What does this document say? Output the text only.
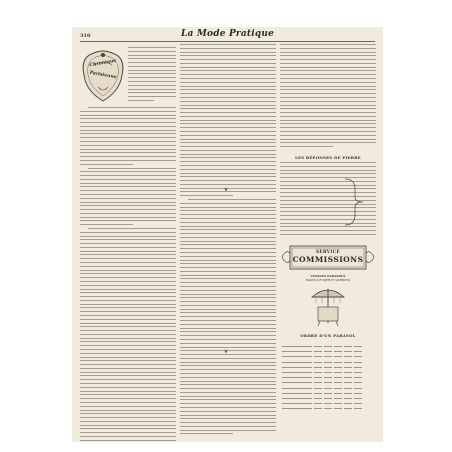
310	La Mode Pratique
Chronique
Parisienne
❦
❦
LES RÉPONSES DE PIERRE
SERVICE
COMMISSIONS
CHAISES PARASOLS
BAINS DE MER ET JARDINS
ORDRE D'UN PARASOL
